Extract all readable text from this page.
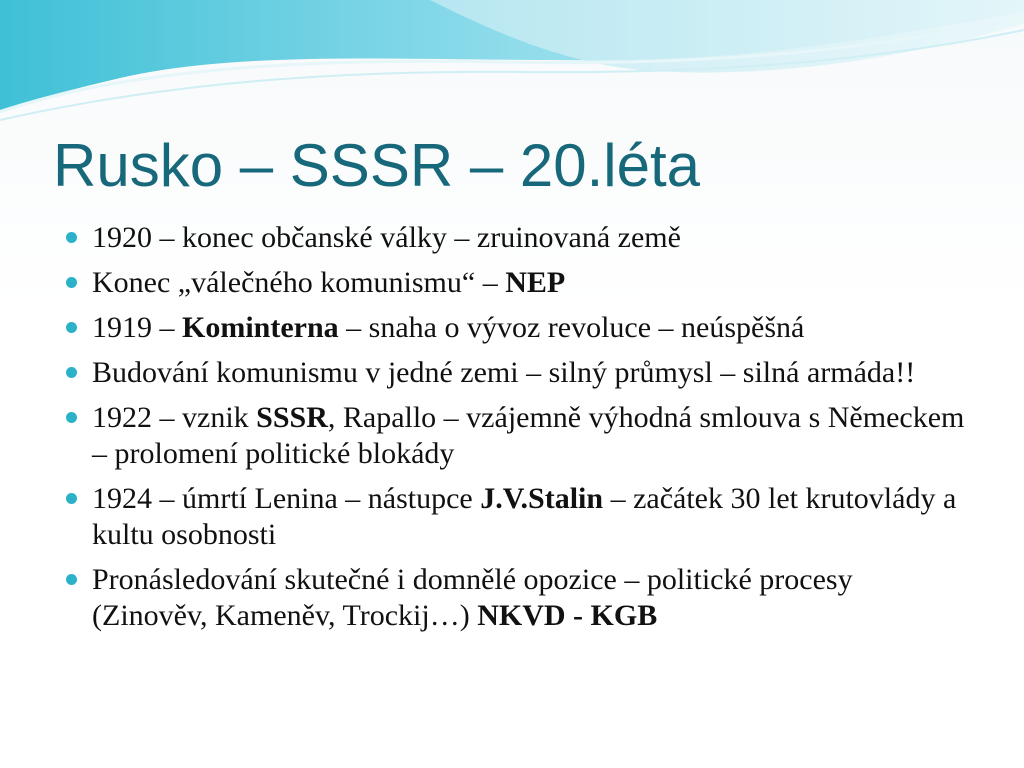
Rusko – SSSR – 20.léta
1920 – konec občanské války – zruinovaná země
Konec „válečného komunismu“ – NEP
1919 – Kominterna – snaha o vývoz revoluce – neúspěšná
Budování komunismu v jedné zemi – silný průmysl – silná armáda!!
1922 – vznik SSSR, Rapallo – vzájemně výhodná smlouva s Německem – prolomení politické blokády
1924 – úmrtí Lenina – nástupce J.V.Stalin – začátek 30 let krutovlády a kultu osobnosti
Pronásledování skutečné i domnělé opozice – politické procesy (Zinověv, Kameněv, Trockij…) NKVD - KGB
